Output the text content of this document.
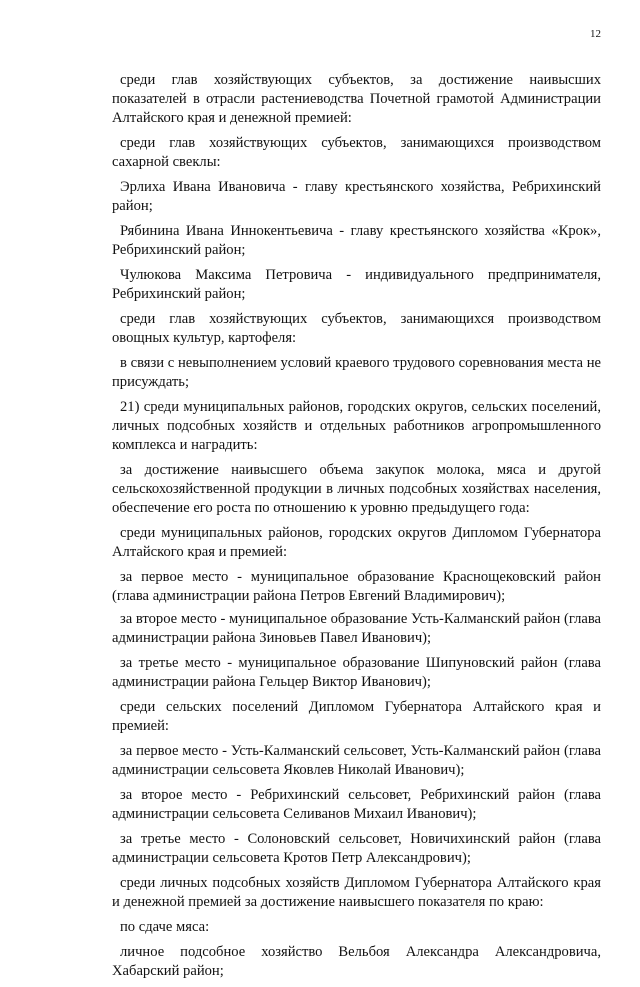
12

среди глав хозяйствующих субъектов, за достижение наивысших показателей в отрасли растениеводства Почетной грамотой Администрации Алтайского края и денежной премией:

среди глав хозяйствующих субъектов, занимающихся производством сахарной свеклы:

Эрлиха Ивана Ивановича - главу крестьянского хозяйства, Ребрихинский район;

Рябинина Ивана Иннокентьевича - главу крестьянского хозяйства «Крок», Ребрихинский район;

Чулюкова Максима Петровича - индивидуального предпринимателя, Ребрихинский район;

среди глав хозяйствующих субъектов, занимающихся производством овощных культур, картофеля:

в связи с невыполнением условий краевого трудового соревнования места не присуждать;

21) среди муниципальных районов, городских округов, сельских поселений, личных подсобных хозяйств и отдельных работников агропромышленного комплекса и наградить:

за достижение наивысшего объема закупок молока, мяса и другой сельскохозяйственной продукции в личных подсобных хозяйствах населения, обеспечение его роста по отношению к уровню предыдущего года:

среди муниципальных районов, городских округов Дипломом Губернатора Алтайского края и премией:

за первое место - муниципальное образование Краснощековский район (глава администрации района Петров Евгений Владимирович);

за второе место - муниципальное образование Усть-Калманский район (глава администрации района Зиновьев Павел Иванович);

за третье место - муниципальное образование Шипуновский район (глава администрации района Гельцер Виктор Иванович);

среди сельских поселений Дипломом Губернатора Алтайского края и премией:

за первое место - Усть-Калманский сельсовет, Усть-Калманский район (глава администрации сельсовета Яковлев Николай Иванович);

за второе место - Ребрихинский сельсовет, Ребрихинский район (глава администрации сельсовета Селиванов Михаил Иванович);

за третье место - Солоновский сельсовет, Новичихинский район (глава администрации сельсовета Кротов Петр Александрович);

среди личных подсобных хозяйств Дипломом Губернатора Алтайского края и денежной премией за достижение наивысшего показателя по краю:

по сдаче мяса:

личное подсобное хозяйство Вельбоя Александра Александровича, Хабарский район;
